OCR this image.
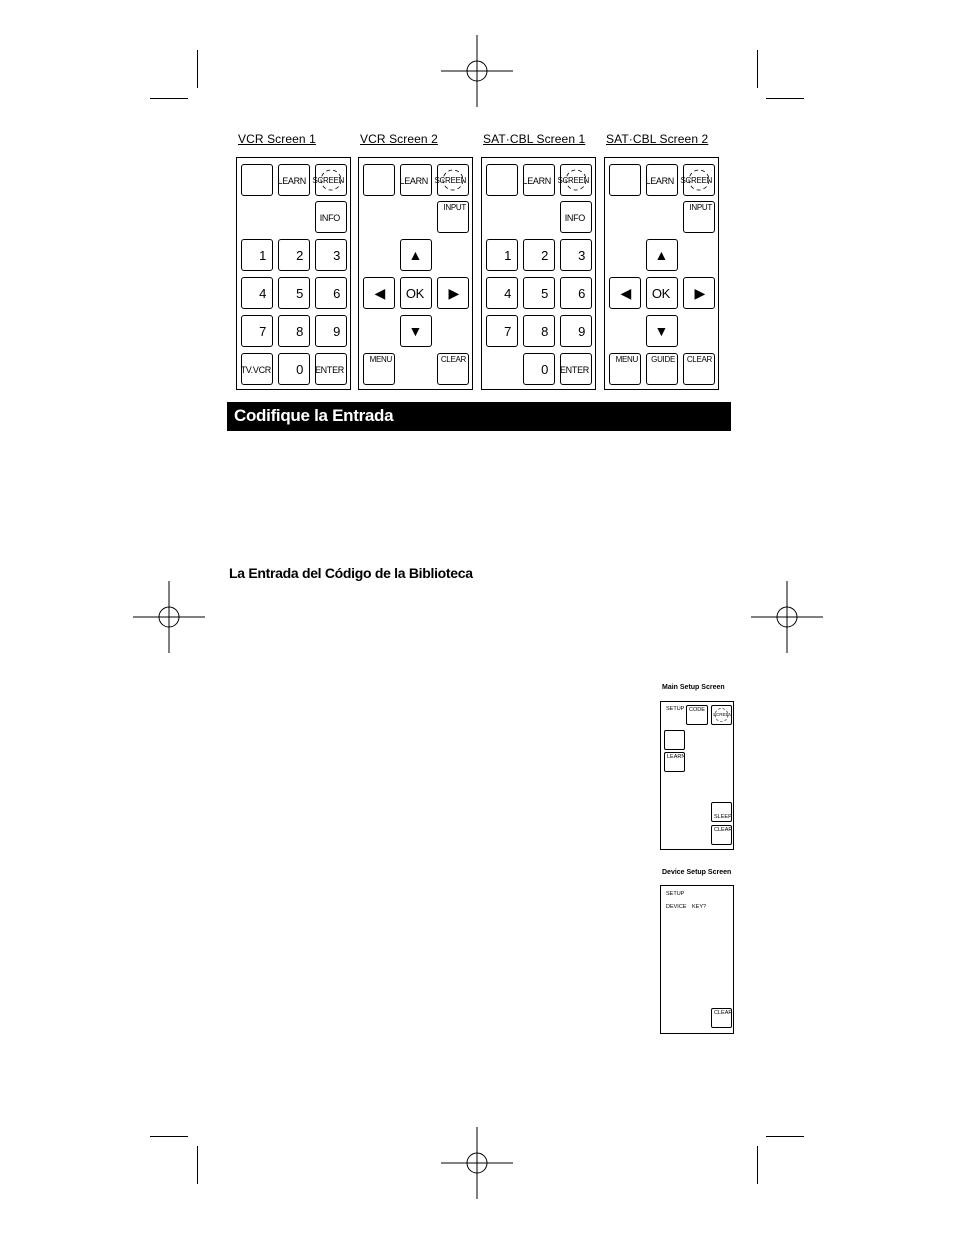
VCR Screen 1	VCR Screen 2	SAT·CBL Screen 1 SAT·CBL Screen 2
LEARN SCREEN
INFO
1 2 3
4 5 6
7 8 9
TV.VCR 0 ENTER
LEARN SCREEN
INPUT
▲
◀ OK ▶
▼
MENU	CLEAR
LEARN SCREEN
INFO
1 2 3
4 5 6
7 8 9
0 ENTER
LEARN SCREEN
INPUT
▲
◀ OK ▶
▼
MENU GUIDE CLEAR
Codifique la Entrada
La Entrada del Código de la Biblioteca
Main Setup Screen
SETUP CODE
SCREEN
LEARN
SLEEP
CLEAR
Device Setup Screen
SETUP
DEVICE KEY?
CLEAR
